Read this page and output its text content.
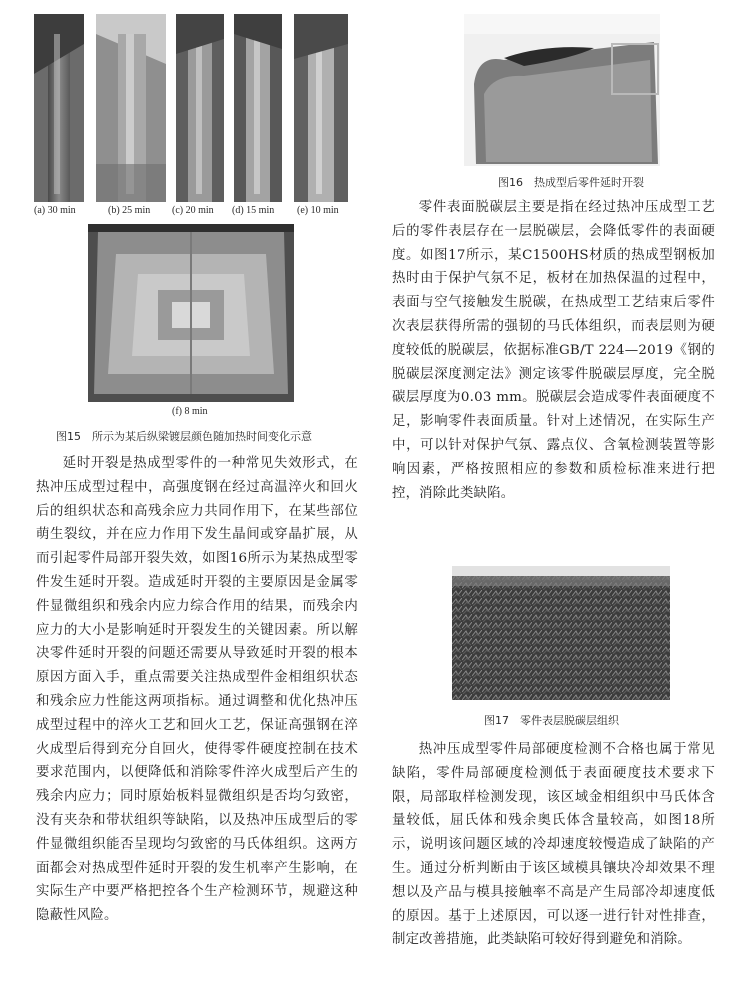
(a) 30 min	(b) 25 min (c) 20 min (d) 15 min (e) 10 min
(f) 8 min
图15　所示为某后纵梁镀层颜色随加热时间变化示意

延时开裂是热成型零件的一种常见失效形式，在热冲压成型过程中，高强度钢在经过高温淬火和回火后的组织状态和高残余应力共同作用下，在某些部位萌生裂纹，并在应力作用下发生晶间或穿晶扩展，从而引起零件局部开裂失效，如图16所示为某热成型零件发生延时开裂。造成延时开裂的主要原因是金属零件显微组织和残余内应力综合作用的结果，而残余内应力的大小是影响延时开裂发生的关键因素。所以解决零件延时开裂的问题还需要从导致延时开裂的根本原因方面入手，重点需要关注热成型件金相组织状态和残余应力性能这两项指标。通过调整和优化热冲压成型过程中的淬火工艺和回火工艺，保证高强钢在淬火成型后得到充分自回火，使得零件硬度控制在技术要求范围内，以便降低和消除零件淬火成型后产生的残余内应力；同时原始板料显微组织是否均匀致密，没有夹杂和带状组织等缺陷，以及热冲压成型后的零件显微组织能否呈现均匀致密的马氏体组织。这两方面都会对热成型件延时开裂的发生机率产生影响，在实际生产中要严格把控各个生产检测环节，规避这种隐蔽性风险。

图16　热成型后零件延时开裂

零件表面脱碳层主要是指在经过热冲压成型工艺后的零件表层存在一层脱碳层，会降低零件的表面硬度。如图17所示，某C1500HS材质的热成型钢板加热时由于保护气氛不足，板材在加热保温的过程中，表面与空气接触发生脱碳，在热成型工艺结束后零件次表层获得所需的强韧的马氏体组织，而表层则为硬度较低的脱碳层，依据标准GB/T 224—2019《钢的脱碳层深度测定法》测定该零件脱碳层厚度，完全脱碳层厚度为0.03 mm。脱碳层会造成零件表面硬度不足，影响零件表面质量。针对上述情况，在实际生产中，可以针对保护气氛、露点仪、含氧检测装置等影响因素，严格按照相应的参数和质检标准来进行把控，消除此类缺陷。

图17　零件表层脱碳层组织

热冲压成型零件局部硬度检测不合格也属于常见缺陷，零件局部硬度检测低于表面硬度技术要求下限，局部取样检测发现，该区域金相组织中马氏体含量较低，屈氏体和残余奥氏体含量较高，如图18所示，说明该问题区域的冷却速度较慢造成了缺陷的产生。通过分析判断由于该区域模具镶块冷却效果不理想以及产品与模具接触率不高是产生局部冷却速度低的原因。基于上述原因，可以逐一进行针对性排查，制定改善措施，此类缺陷可较好得到避免和消除。
